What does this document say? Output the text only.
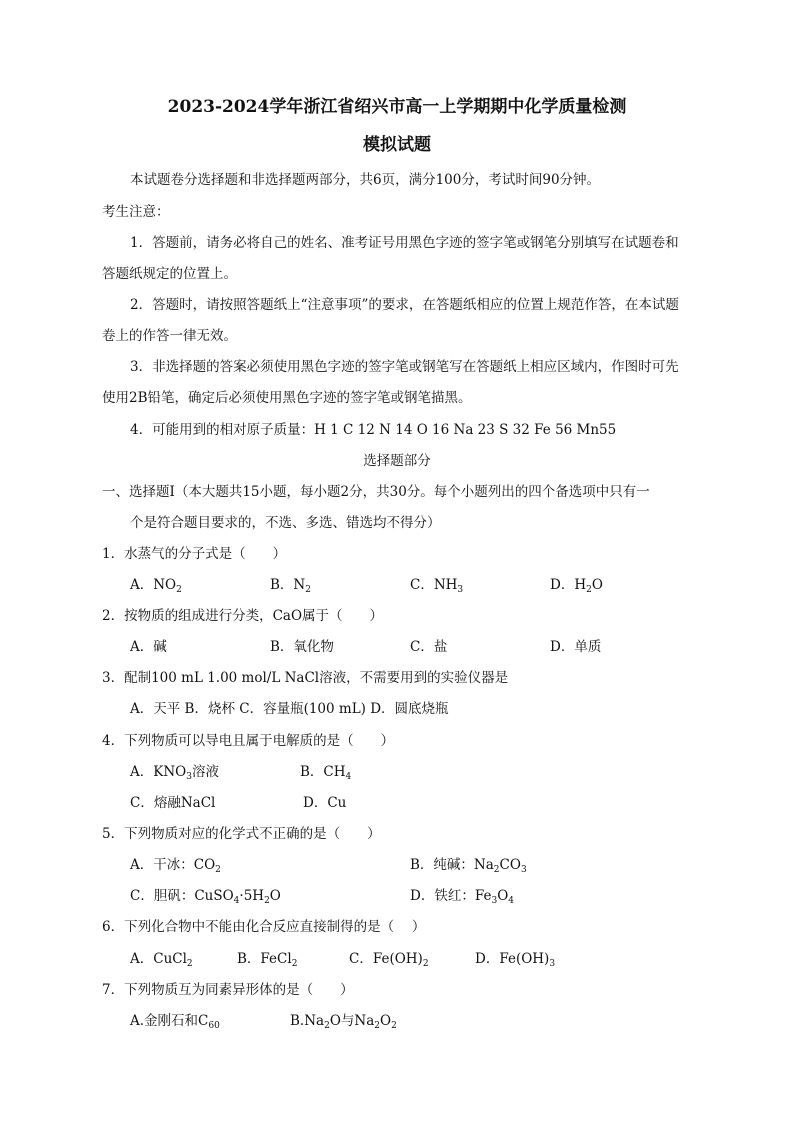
2023-2024学年浙江省绍兴市高一上学期期中化学质量检测
模拟试题
本试题卷分选择题和非选择题两部分，共6页，满分100分，考试时间90分钟。
考生注意：
1．答题前，请务必将自己的姓名、准考证号用黑色字迹的签字笔或钢笔分别填写在试题卷和
答题纸规定的位置上。
2．答题时，请按照答题纸上“注意事项”的要求，在答题纸相应的位置上规范作答，在本试题
卷上的作答一律无效。
3．非选择题的答案必须使用黑色字迹的签字笔或钢笔写在答题纸上相应区域内，作图时可先
使用2B铅笔，确定后必须使用黑色字迹的签字笔或钢笔描黑。
4．可能用到的相对原子质量：H 1 C 12 N 14 O 16 Na 23 S 32 Fe 56 Mn55
选择题部分
一、选择题Ⅰ（本大题共15小题，每小题2分，共30分。每个小题列出的四个备选项中只有一
个是符合题目要求的，不选、多选、错选均不得分）
1．水蒸气的分子式是（　　）
A．$NO_2$	B．$N_2$	C．$NH_3$	D．$H_2O$
2．按物质的组成进行分类，CaO属于（　　）
A．碱	B．氧化物	C．盐	D．单质
3．配制100 mL 1.00 mol/L NaCl溶液，不需要用到的实验仪器是
A．天平 B．烧杯 C．容量瓶(100 mL) D．圆底烧瓶
4．下列物质可以导电且属于电解质的是（　　）
A．$KNO_3$溶液	B．$CH_4$
C．熔融NaCl	D．Cu
5．下列物质对应的化学式不正确的是（　　）
A．干冰：$CO_2$	B．纯碱：$Na_2CO_3$
C．胆矾：$CuSO_4\cdot 5H_2O$	D．铁红：$Fe_3O_4$
6．下列化合物中不能由化合反应直接制得的是（　 ）
A．CuCl$_2$	B．FeCl$_2$	C．$Fe(OH)_2$	D．$Fe(OH)_3$
7．下列物质互为同素异形体的是（　　）
A.金刚石和$C_{60}$	$B.Na_2O$与$Na_2O_2$
